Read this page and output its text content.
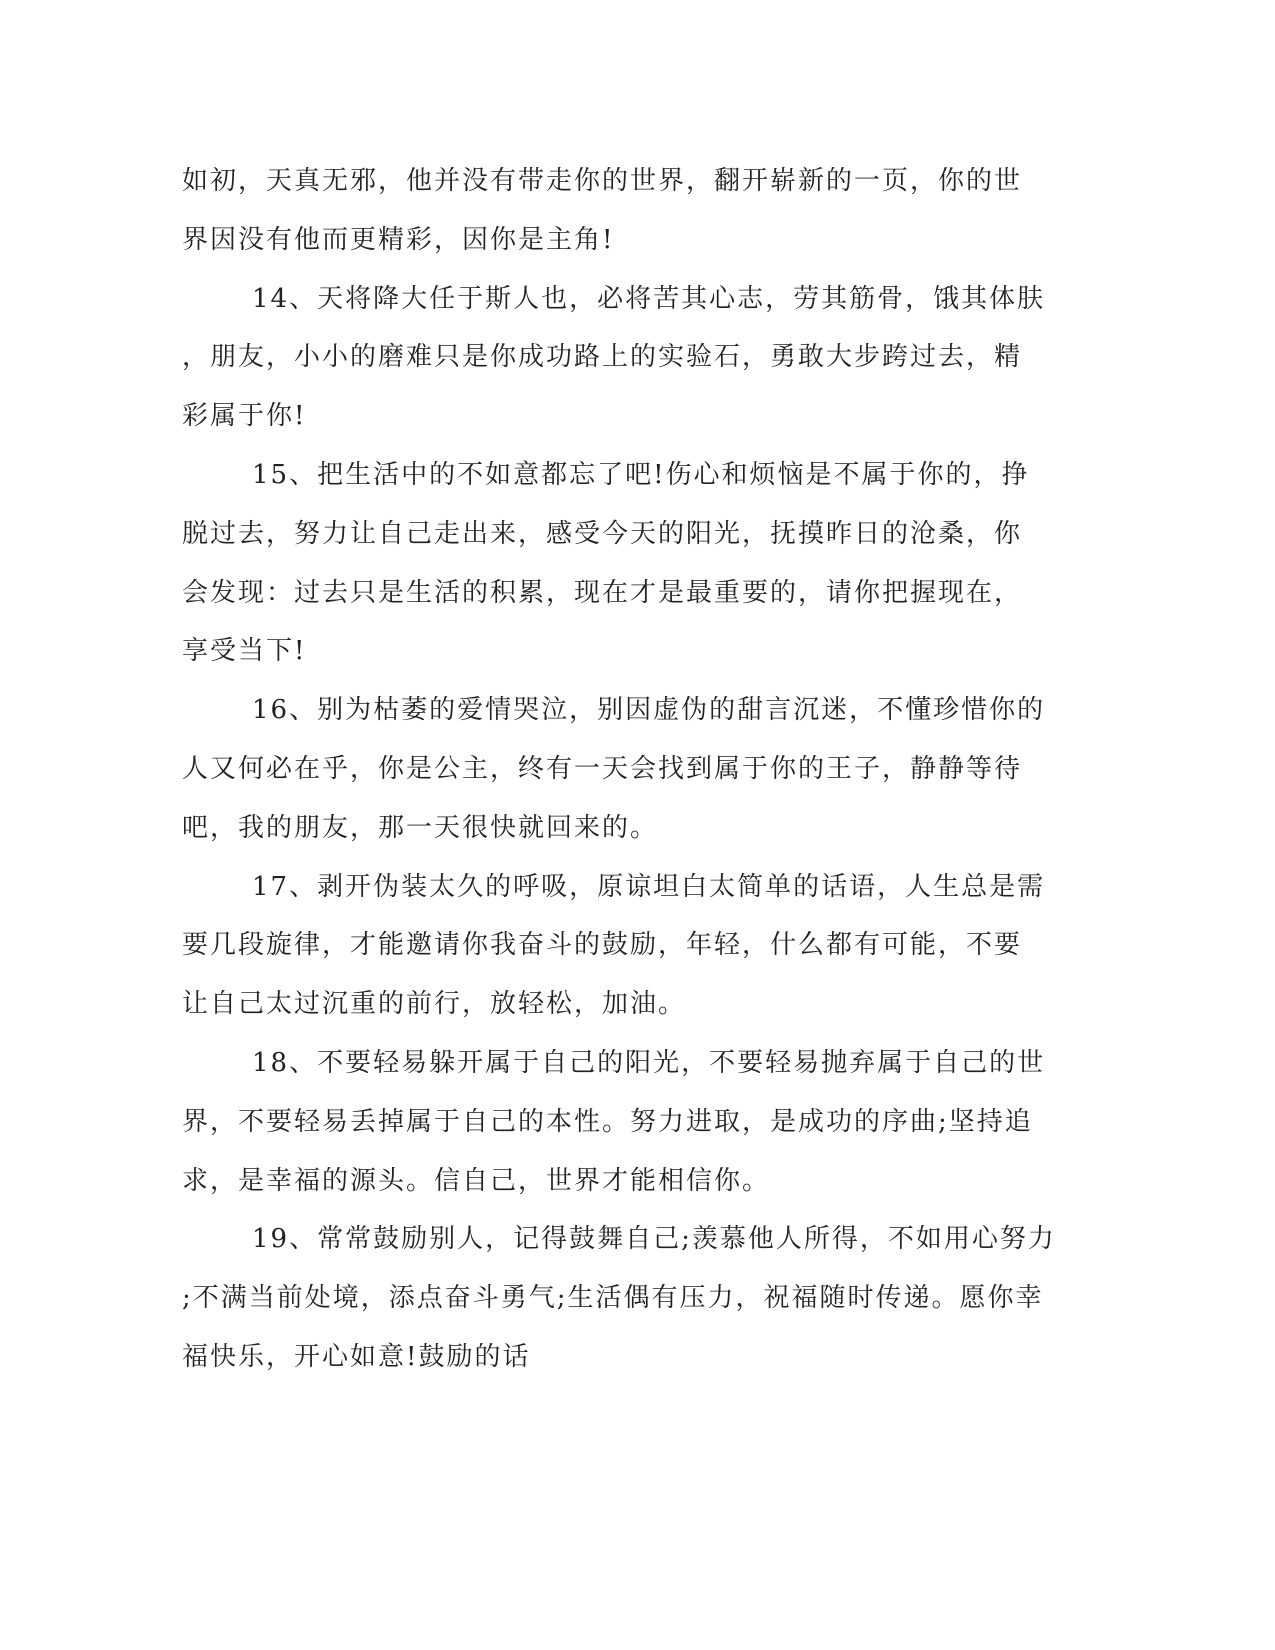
如初，天真无邪，他并没有带走你的世界，翻开崭新的一页，你的世
界因没有他而更精彩，因你是主角!
14、天将降大任于斯人也，必将苦其心志，劳其筋骨，饿其体肤
，朋友，小小的磨难只是你成功路上的实验石，勇敢大步跨过去，精
彩属于你!
15、把生活中的不如意都忘了吧!伤心和烦恼是不属于你的，挣
脱过去，努力让自己走出来，感受今天的阳光，抚摸昨日的沧桑，你
会发现：过去只是生活的积累，现在才是最重要的，请你把握现在，
享受当下!
16、别为枯萎的爱情哭泣，别因虚伪的甜言沉迷，不懂珍惜你的
人又何必在乎，你是公主，终有一天会找到属于你的王子，静静等待
吧，我的朋友，那一天很快就回来的。
17、剥开伪装太久的呼吸，原谅坦白太简单的话语，人生总是需
要几段旋律，才能邀请你我奋斗的鼓励，年轻，什么都有可能，不要
让自己太过沉重的前行，放轻松，加油。
18、不要轻易躲开属于自己的阳光，不要轻易抛弃属于自己的世
界，不要轻易丢掉属于自己的本性。努力进取，是成功的序曲;坚持追
求，是幸福的源头。信自己，世界才能相信你。
19、常常鼓励别人，记得鼓舞自己;羡慕他人所得，不如用心努力
;不满当前处境，添点奋斗勇气;生活偶有压力，祝福随时传递。愿你幸
福快乐，开心如意!鼓励的话
